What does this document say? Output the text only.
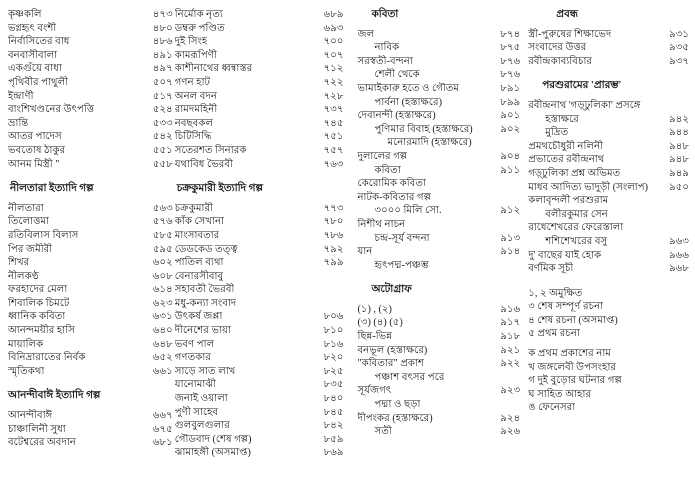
কৃষ্ণকলি	৪৭৩
ভগ্নহৃৎ বংশী	৪৮০
নির্বাসিতের বাধ	৪৮৬
বনবাসীবালা	৪৯১
একগুঁয়ে বাধা	৪৯৭
পৃথিবীর পাথুলী	৫০৭
ইন্দ্রাণী	৫১৭
বাংশিখণ্ডনের উৎপত্তি	৫২৪
ভ্রান্তি	৫৩৩
আতর পাদেস	৫৪২
ভবতোষ ঠাকুর	৫৫১
আনম মিস্ত্রী "	৫৫৮
নীলতারা ইত্যাদি গল্প
নীলতারা	৫৬৩
তিলোত্তমা	৫৭৬
রতিবিলাস বিলাস	৫৮৫
পির জমীরী	৫৯৫
শিখর	৬০২
নীলকণ্ঠ	৬০৮
ফরহাদের মেলা	৬১৪
শিবালিক চিমটে	৬২৩
ধ্বানিক কবিতা	৬৩১
আনন্দময়ীর হাসি	৬৪০
মায়ালিক	৬৪৮
বিনিদ্রারাতের নির্বক	৬৫২
স্মৃতিকথা	৬৬১
আনন্দীবাঈ ইত্যাদি গল্প
আনন্দীবাঈ	৬৬৭
চাঞ্চালিনী সুধা	৬৭৫
বটেশ্বরের অবদান	৬৮১
নির্মোক নৃত্য	৬৮৯
ডম্বরু পণ্ডিত	৬৯৩
দুই সিংহ	৭০০
কামরূপিণী	৭০৭
কাশীনাথের ধ্বন্বাস্তর	৭১২
গণন হাট	৭২২
অনল বদন	৭২৮
রামদমহিনী	৭৩৭
নবছবকল	৭৪৫
চিটিসিদ্ধি	৭৫১
সতেরশত সিনারক	৭৫৭
যথাবিধ ভৈরবী	৭৬৩
চক্রকুমারী ইত্যাদি গল্প
চক্রকুমারী	৭৭৩
কাঁক সেখানা	৭৮০
মাংসাবতার	৭৮৬
ডেডকেড তত্ত্ব	৭৯২
পাতিল ব্যথা	৭৯৯
বেনারসীবাবু
সহাবতী ভৈরবী
মধু-কন্যা সংবাদ
উৎকর্ষ জপ্পা	৮০৬
দীনেশের ভায়া	৮১০
ভবণ পাল	৮১৬
গণতকার	৮২০
সাড়ে সাত লাখ	৮২৫
যানোমাঝী	৮৩৫
জনাই ওয়ালা	৮৪০
পুণী সাহেব	৮৪৫
গুলবুলগুলার	৮৪২
গৌডবাদ (শেষ গল্প)	৮৫৯
ঝামাহঙ্গী (অসমাপ্ত)	৮৬৯
কবিতা
জল	৮৭৪
নাবিক	৮৭৫
সরস্বতী-বন্দনা	৮৭৬
শেলী থেকে	৮৭৬
ভামাইকারু হতে ও গৌতম	৮৯১
পার্বনা (হস্তাক্ষরে)	৮৯৯
দেবানন্দী (হস্তাক্ষরে)	৯০১
পুণিমার বিবাহ (হস্তাক্ষরে)	৯০২
মনোরমাদি (হস্তাক্ষরে)
দুলালের গল্প	৯০৪
কবিতা	৯১১
কেরোমিক কবিতা
নাটক-কবিতার গল্প
৩০০০ মিলি সো.	৯১২
নিশীথ নাচন
চন্দ্র-সূর্য বন্দনা	৯১৩
যান	৯১৪
হৃৎপদ্ম-পঞ্চম্ভ
অটোগ্রাফ
(১) , (২)	৯১৬
(৩) (৪) (৫)	৯১৭
ছিন্ন-ভিন্ন	৯১৮
বনভূল (হস্তাক্ষরে)	৯২১
"কবিতার" প্রকাশ	৯২২
পঞ্চাশ বৎসর পরে
সূর্যজগৎ	৯২৩
পদ্মা ও ছড়া
দীপংকর (হস্তাক্ষরে)	৯২৪
সতী	৯২৬
প্রবন্ধ
স্ত্রী-পুরুষের শিক্ষাভেদ	৯৩১
সংবাদের উত্তর	৯৩৫
রবীন্দ্রকাব্যবিচার	৯৩৭
পরশুরামের 'প্রারম্ভ'
রবীন্দ্রনাথ 'গড়্ঢুলিকা' প্রসঙ্গে
হস্তাক্ষরে	৯৪২
মুদ্রিত	৯৪৪
প্রমথচৌধুরী নলিনী	৯৪৮
প্রভাতের রবীন্দ্রনাথ	৯৪৮
গড়্ঢুলিকা প্রশ্ন অভিমত	৯৪৯
মাধব আদিত্য ভাদুড়ী (সংলাপ)	৯৫০
কলাবৃন্দলী পরশুরাম
বলীরকুমার সেন
রাধেশেখরের ফেরেস্তালা
শশিশেখরের বসু	৯৬৩
দু' বাছের যাই হোক	৯৬৬
বর্ণমিক সূচী	৯৬৮
১, ২ অমুক্ষিত
৩ শেষ সম্পূর্ণ রচনা
৪ শেষ রচনা (অসমাপ্ত)
৫ প্রথম রচনা
ক প্রথম প্রকাশের নাম
খ জঙ্গলেবী উপসংহার
গ দুই বুড়োর ঘটনার গল্প
ঘ সাহিত আহার
ঙ ফেনেসরা
